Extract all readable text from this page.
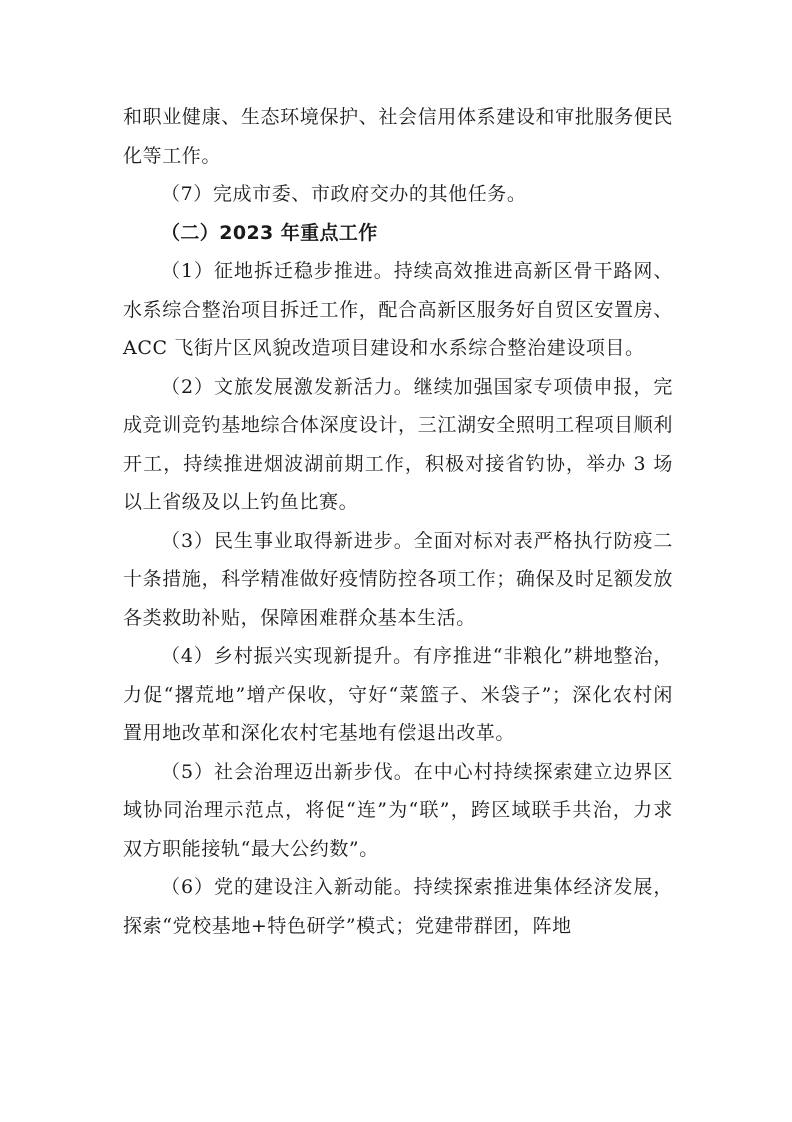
和职业健康、生态环境保护、社会信用体系建设和审批服务便民化等工作。

（7）完成市委、市政府交办的其他任务。

（二）2023 年重点工作

（1）征地拆迁稳步推进。持续高效推进高新区骨干路网、水系综合整治项目拆迁工作，配合高新区服务好自贸区安置房、ACC 飞街片区风貌改造项目建设和水系综合整治建设项目。

（2）文旅发展激发新活力。继续加强国家专项债申报，完成竞训竞钓基地综合体深度设计，三江湖安全照明工程项目顺利开工，持续推进烟波湖前期工作，积极对接省钓协，举办 3 场以上省级及以上钓鱼比赛。

（3）民生事业取得新进步。全面对标对表严格执行防疫二十条措施，科学精准做好疫情防控各项工作；确保及时足额发放各类救助补贴，保障困难群众基本生活。

（4）乡村振兴实现新提升。有序推进“非粮化”耕地整治，力促“撂荒地”增产保收，守好“菜篮子、米袋子”；深化农村闲置用地改革和深化农村宅基地有偿退出改革。

（5）社会治理迈出新步伐。在中心村持续探索建立边界区域协同治理示范点，将促“连”为“联”，跨区域联手共治，力求双方职能接轨“最大公约数”。

（6）党的建设注入新动能。持续探索推进集体经济发展，探索“党校基地+特色研学”模式；党建带群团，阵地
